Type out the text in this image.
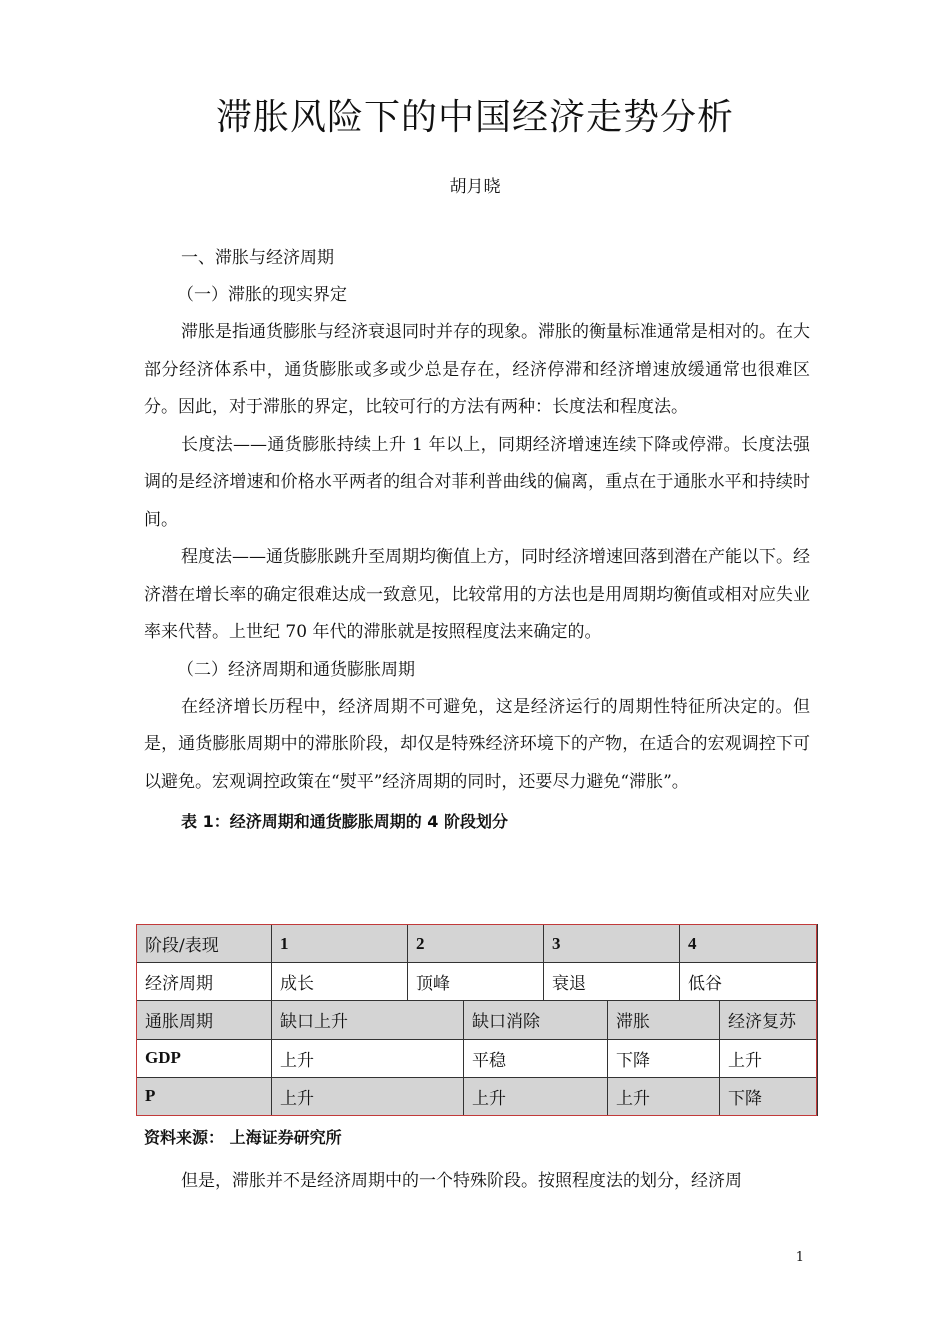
滞胀风险下的中国经济走势分析
胡月晓
一、滞胀与经济周期
（一）滞胀的现实界定

滞胀是指通货膨胀与经济衰退同时并存的现象。滞胀的衡量标准通常是相对的。在大部分经济体系中，通货膨胀或多或少总是存在，经济停滞和经济增速放缓通常也很难区分。因此，对于滞胀的界定，比较可行的方法有两种：长度法和程度法。

长度法——通货膨胀持续上升 1 年以上，同期经济增速连续下降或停滞。长度法强调的是经济增速和价格水平两者的组合对菲利普曲线的偏离，重点在于通胀水平和持续时间。

程度法——通货膨胀跳升至周期均衡值上方，同时经济增速回落到潜在产能以下。经济潜在增长率的确定很难达成一致意见，比较常用的方法也是用周期均衡值或相对应失业率来代替。上世纪 70 年代的滞胀就是按照程度法来确定的。

（二）经济周期和通货膨胀周期

在经济增长历程中，经济周期不可避免，这是经济运行的周期性特征所决定的。但是，通货膨胀周期中的滞胀阶段，却仅是特殊经济环境下的产物，在适合的宏观调控下可以避免。宏观调控政策在“熨平”经济周期的同时，还要尽力避免“滞胀”。

表 1：经济周期和通货膨胀周期的 4 阶段划分
阶段/表现	1	2		3		4	
经济周期	成长	顶峰		衰退		低谷	
通胀周期	缺口上升		缺口消除		滞胀		经济复苏
GDP	上升		平稳		下降		上升
P	上升		上升		上升		下降
资料来源： 上海证券研究所

但是，滞胀并不是经济周期中的一个特殊阶段。按照程度法的划分，经济周

1
